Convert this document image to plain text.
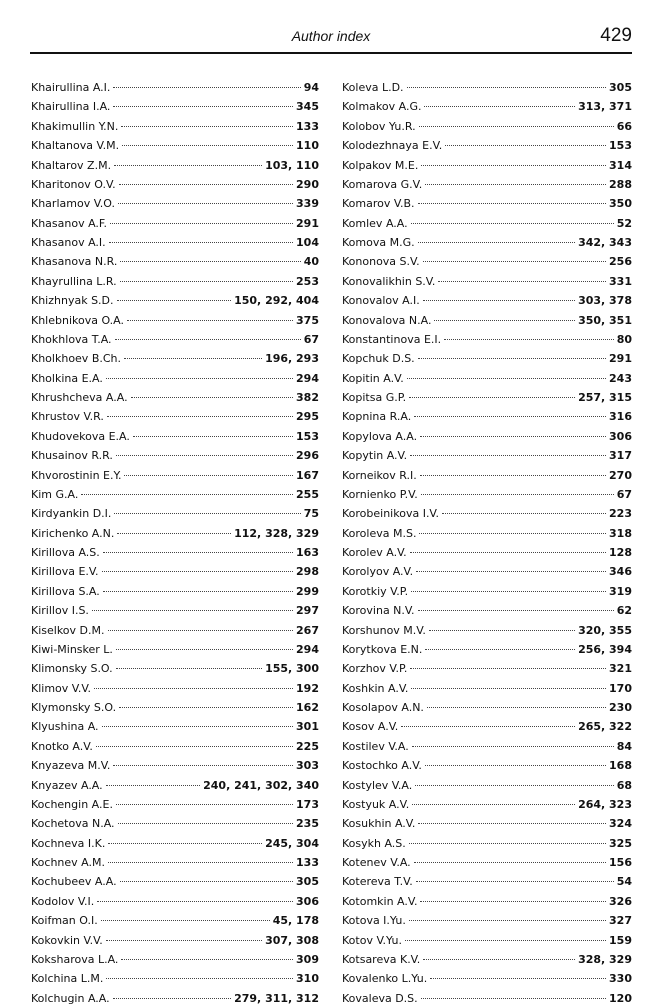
Author index	429
Khairullina A.I.	94
Khairullina I.A.	345
Khakimullin Y.N.	133
Khaltanova V.M.	110
Khaltarov Z.M.	103, 110
Kharitonov O.V.	290
Kharlamov V.O.	339
Khasanov A.F.	291
Khasanov A.I.	104
Khasanova N.R.	40
Khayrullina L.R.	253
Khizhnyak S.D.	150, 292, 404
Khlebnikova O.A.	375
Khokhlova T.A.	67
Kholkhoev B.Ch.	196, 293
Kholkina E.A.	294
Khrushcheva A.A.	382
Khrustov V.R.	295
Khudovekova E.A.	153
Khusainov R.R.	296
Khvorostinin E.Y.	167
Kim G.A.	255
Kirdyankin D.I.	75
Kirichenko A.N.	112, 328, 329
Kirillova A.S.	163
Kirillova E.V.	298
Kirillova S.A.	299
Kirillov I.S.	297
Kiselkov D.M.	267
Kiwi-Minsker L.	294
Klimonsky S.O.	155, 300
Klimov V.V.	192
Klymonsky S.O.	162
Klyushina A.	301
Knotko A.V.	225
Knyazeva M.V.	303
Knyazev A.A.	240, 241, 302, 340
Kochengin A.E.	173
Kochetova N.A.	235
Kochneva I.K.	245, 304
Kochnev A.M.	133
Kochubeev A.A.	305
Kodolov V.I.	306
Koifman O.I.	45, 178
Kokovkin V.V.	307, 308
Koksharova L.A.	309
Kolchina L.M.	310
Kolchugin A.A.	279, 311, 312
Koleva L.D.	305
Kolmakov A.G.	313, 371
Kolobov Yu.R.	66
Kolodezhnaya E.V.	153
Kolpakov M.E.	314
Komarova G.V.	288
Komarov V.B.	350
Komlev A.A.	52
Komova M.G.	342, 343
Kononova S.V.	256
Konovalikhin S.V.	331
Konovalov A.I.	303, 378
Konovalova N.A.	350, 351
Konstantinova E.I.	80
Kopchuk D.S.	291
Kopitin A.V.	243
Kopitsa G.P.	257, 315
Kopnina R.A.	316
Kopylova A.A.	306
Kopytin A.V.	317
Korneikov R.I.	270
Kornienko P.V.	67
Korobeinikova I.V.	223
Koroleva M.S.	318
Korolev A.V.	128
Korolyov A.V.	346
Korotkiy V.P.	319
Korovina N.V.	62
Korshunov M.V.	320, 355
Korytkova E.N.	256, 394
Korzhov V.P.	321
Koshkin A.V.	170
Kosolapov A.N.	230
Kosov A.V.	265, 322
Kostilev V.A.	84
Kostochko A.V.	168
Kostylev V.A.	68
Kostyuk A.V.	264, 323
Kosukhin A.V.	324
Kosykh A.S.	325
Kotenev V.A.	156
Kotereva T.V.	54
Kotomkin A.V.	326
Kotova I.Yu.	327
Kotov V.Yu.	159
Kotsareva K.V.	328, 329
Kovalenko L.Yu.	330
Kovaleva D.S.	120
